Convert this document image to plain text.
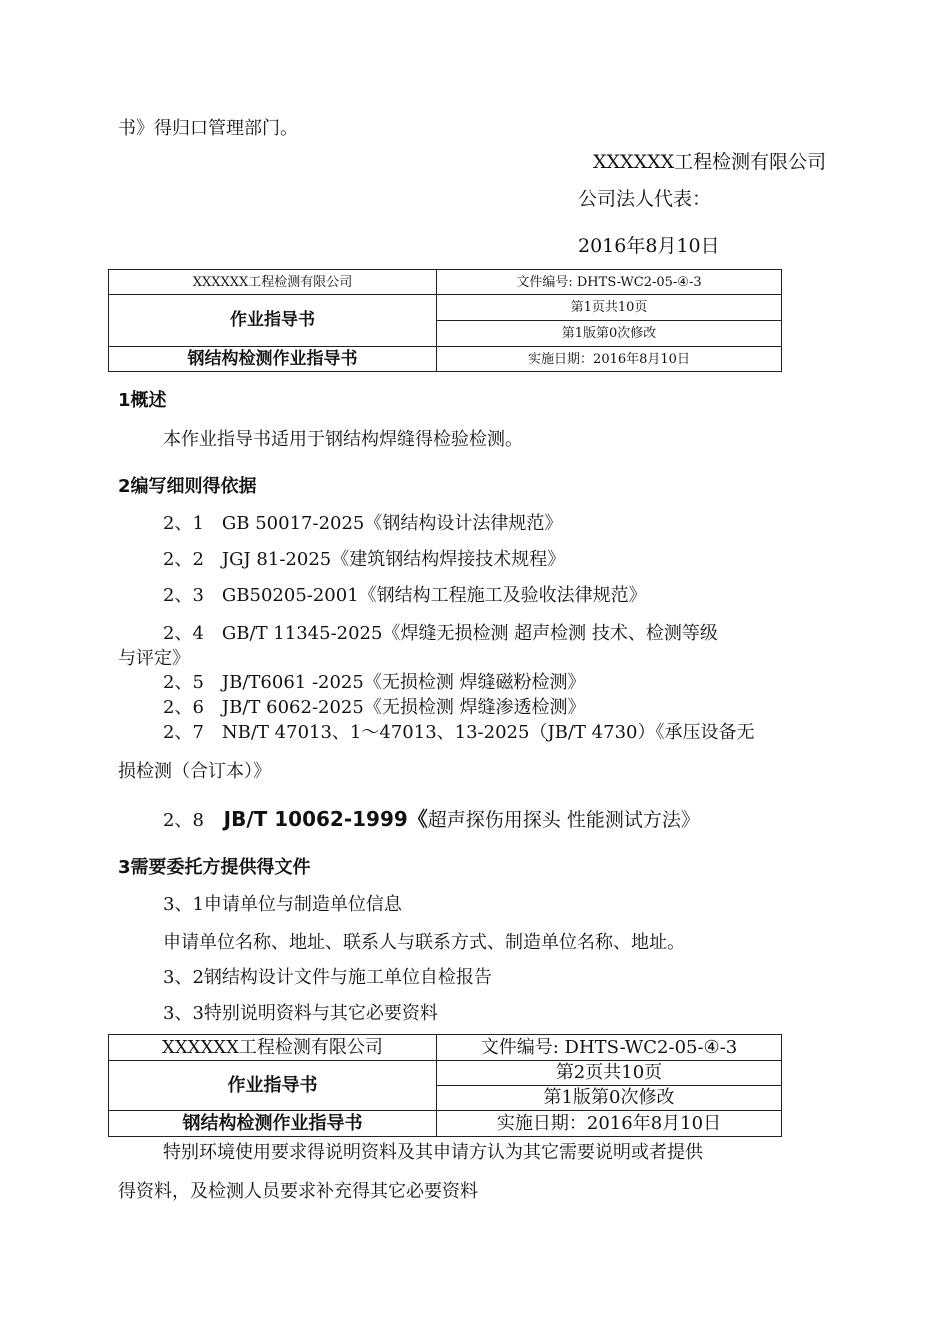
书》得归口管理部门。
XXXXXX工程检测有限公司
公司法人代表：
2016年8月10日
XXXXXX工程检测有限公司	文件编号: DHTS-WC2-05-④-3
作业指导书	第1页共10页
	第1版第0次修改
钢结构检测作业指导书	实施日期：2016年8月10日
1概述
本作业指导书适用于钢结构焊缝得检验检测。
2编写细则得依据
2、1　GB 50017-2025《钢结构设计法律规范》
2、2　JGJ 81-2025《建筑钢结构焊接技术规程》
2、3　GB50205-2001《钢结构工程施工及验收法律规范》
2、4　GB/T 11345-2025《焊缝无损检测 超声检测 技术、检测等级
与评定》
2、5　JB/T6061 -2025《无损检测 焊缝磁粉检测》
2、6　JB/T 6062-2025《无损检测 焊缝渗透检测》
2、7　NB/T 47013、1～47013、13-2025（JB/T 4730）《承压设备无
损检测（合订本）》
2、8 JB/T 10062-1999《超声探伤用探头 性能测试方法》
3需要委托方提供得文件
3、1申请单位与制造单位信息
申请单位名称、地址、联系人与联系方式、制造单位名称、地址。
3、2钢结构设计文件与施工单位自检报告
3、3特别说明资料与其它必要资料
XXXXXX工程检测有限公司	文件编号: DHTS-WC2-05-④-3
作业指导书	第2页共10页
	第1版第0次修改
钢结构检测作业指导书	实施日期：2016年8月10日
特别环境使用要求得说明资料及其申请方认为其它需要说明或者提供
得资料，及检测人员要求补充得其它必要资料
